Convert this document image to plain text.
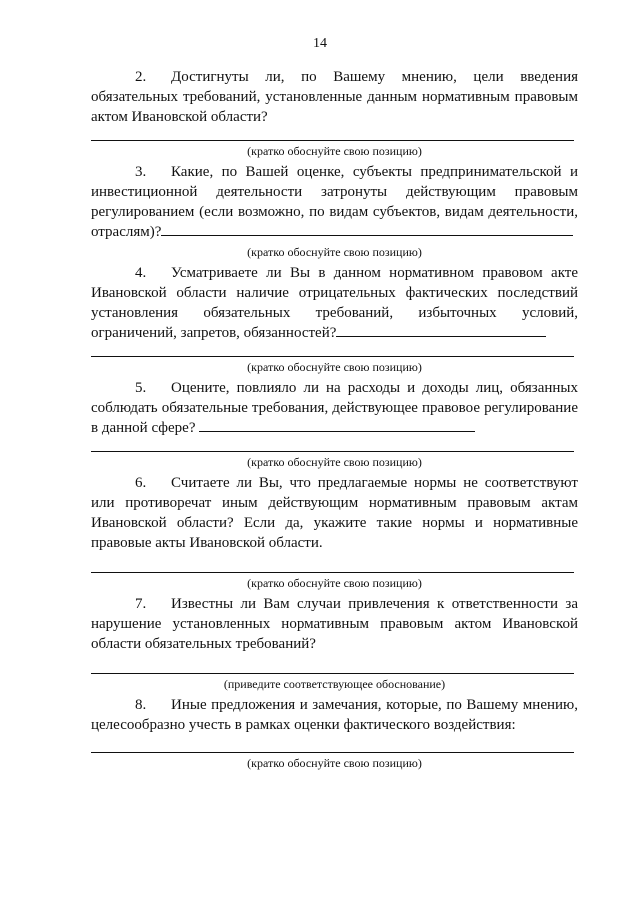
14

2. Достигнуты ли, по Вашему мнению, цели введения обязательных требований, установленные данным нормативным правовым актом Ивановской области?

(кратко обоснуйте свою позицию)

3. Какие, по Вашей оценке, субъекты предпринимательской и инвестиционной деятельности затронуты действующим правовым регулированием (если возможно, по видам субъектов, видам деятельности, отраслям)?

(кратко обоснуйте свою позицию)

4. Усматриваете ли Вы в данном нормативном правовом акте Ивановской области наличие отрицательных фактических последствий установления обязательных требований, избыточных условий, ограничений, запретов, обязанностей?

(кратко обоснуйте свою позицию)

5. Оцените, повлияло ли на расходы и доходы лиц, обязанных соблюдать обязательные требования, действующее правовое регулирование в данной сфере?

(кратко обоснуйте свою позицию)

6. Считаете ли Вы, что предлагаемые нормы не соответствуют или противоречат иным действующим нормативным правовым актам Ивановской области? Если да, укажите такие нормы и нормативные правовые акты Ивановской области.

(кратко обоснуйте свою позицию)

7. Известны ли Вам случаи привлечения к ответственности за нарушение установленных нормативным правовым актом Ивановской области обязательных требований?

(приведите соответствующее обоснование)

8. Иные предложения и замечания, которые, по Вашему мнению, целесообразно учесть в рамках оценки фактического воздействия:

(кратко обоснуйте свою позицию)
